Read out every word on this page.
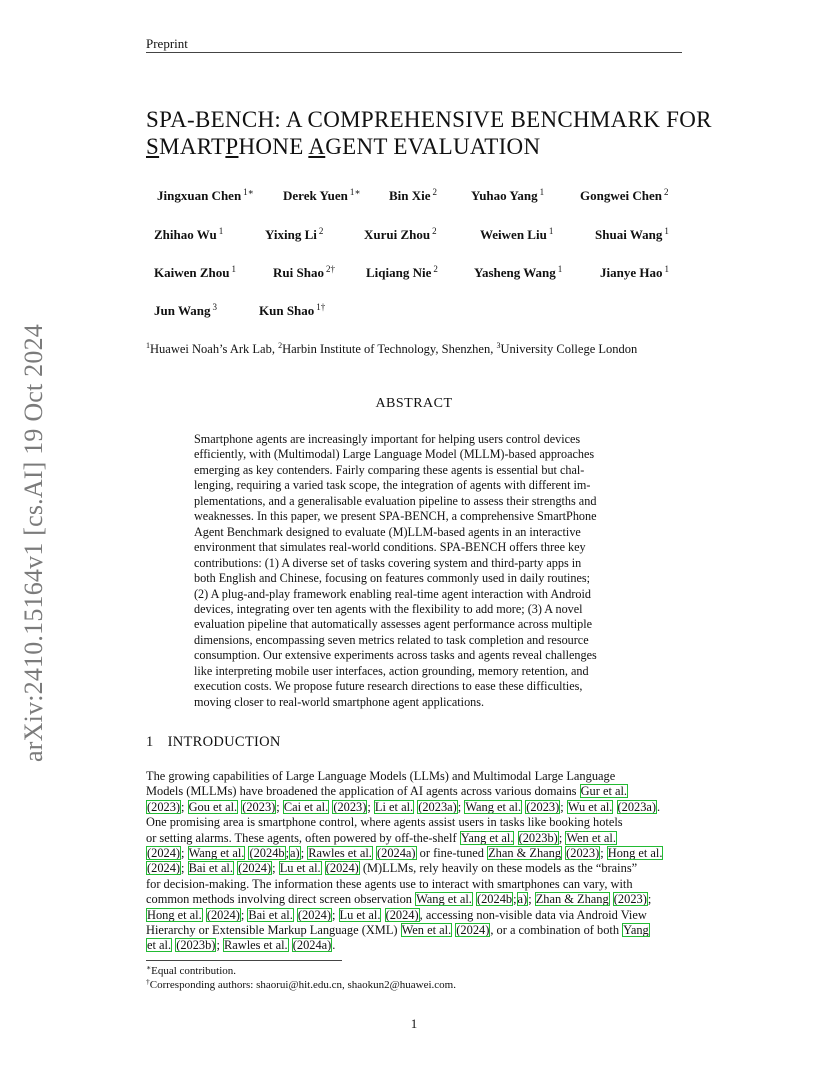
Preprint
arXiv:2410.15164v1 [cs.AI] 19 Oct 2024
SPA-BENCH: A COMPREHENSIVE BENCHMARK FOR
SMARTPHONE AGENT EVALUATION
Jingxuan Chen $^{1∗}$ Derek Yuen $^{1∗}$ Bin Xie $^2$	Yuhao Yang $^1$	Gongwei Chen $^2$
Zhihao Wu $^1$	Yixing Li $^2$	Xurui Zhou $^2$	Weiwen Liu $^1$	Shuai Wang $^1$
Kaiwen Zhou $^1$	Rui Shao $^{2\dagger}$ Liqiang Nie $^2$	Yasheng Wang $^1$	Jianye Hao $^1$
Jun Wang $^3$	Kun Shao $^{1\dagger}$
$^1$Huawei Noah’s Ark Lab, $^2$Harbin Institute of Technology, Shenzhen, $^3$University College London
ABSTRACT
Smartphone agents are increasingly important for helping users control devices
efficiently, with (Multimodal) Large Language Model (MLLM)-based approaches
emerging as key contenders. Fairly comparing these agents is essential but chal-
lenging, requiring a varied task scope, the integration of agents with different im-
plementations, and a generalisable evaluation pipeline to assess their strengths and
weaknesses. In this paper, we present SPA-BENCH, a comprehensive SmartPhone
Agent Benchmark designed to evaluate (M)LLM-based agents in an interactive
environment that simulates real-world conditions. SPA-BENCH offers three key
contributions: (1) A diverse set of tasks covering system and third-party apps in
both English and Chinese, focusing on features commonly used in daily routines;
(2) A plug-and-play framework enabling real-time agent interaction with Android
devices, integrating over ten agents with the flexibility to add more; (3) A novel
evaluation pipeline that automatically assesses agent performance across multiple
dimensions, encompassing seven metrics related to task completion and resource
consumption. Our extensive experiments across tasks and agents reveal challenges
like interpreting mobile user interfaces, action grounding, memory retention, and
execution costs. We propose future research directions to ease these difficulties,
moving closer to real-world smartphone agent applications.
1 INTRODUCTION
The growing capabilities of Large Language Models (LLMs) and Multimodal Large Language
Models (MLLMs) have broadened the application of AI agents across various domains Gur et al.
(2023); Gou et al. (2023); Cai et al. (2023); Li et al. (2023a); Wang et al. (2023); Wu et al. (2023a).
One promising area is smartphone control, where agents assist users in tasks like booking hotels
or setting alarms. These agents, often powered by off-the-shelf Yang et al. (2023b); Wen et al.
(2024); Wang et al. (2024b;a); Rawles et al. (2024a) or fine-tuned Zhan & Zhang (2023); Hong et al.
(2024); Bai et al. (2024); Lu et al. (2024) (M)LLMs, rely heavily on these models as the “brains”
for decision-making. The information these agents use to interact with smartphones can vary, with
common methods involving direct screen observation Wang et al. (2024b;a); Zhan & Zhang (2023);
Hong et al. (2024); Bai et al. (2024); Lu et al. (2024), accessing non-visible data via Android View
Hierarchy or Extensible Markup Language (XML) Wen et al. (2024), or a combination of both Yang
et al. (2023b); Rawles et al. (2024a).
∗Equal contribution.
†Corresponding authors: shaorui@hit.edu.cn, shaokun2@huawei.com.
1
